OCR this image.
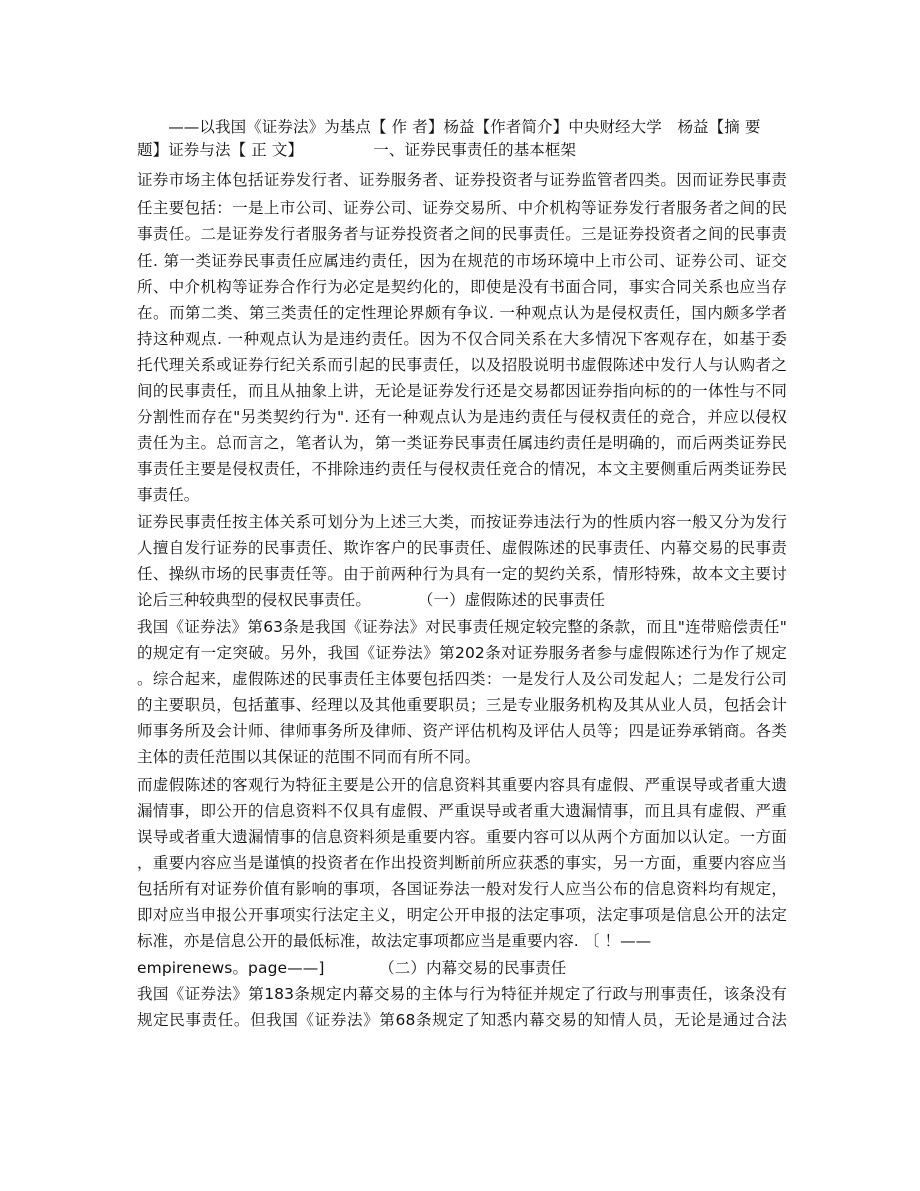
　　——以我国《证券法》为基点【 作 者】杨益【作者简介】中央财经大学　杨益【摘 要
题】证券与法【 正 文】　　　　　一、证券民事责任的基本框架
证券市场主体包括证券发行者、证券服务者、证券投资者与证券监管者四类。因而证券民事责
任主要包括：一是上市公司、证券公司、证券交易所、中介机构等证券发行者服务者之间的民
事责任。二是证券发行者服务者与证券投资者之间的民事责任。三是证券投资者之间的民事责
任. 第一类证券民事责任应属违约责任，因为在规范的市场环境中上市公司、证券公司、证交
所、中介机构等证券合作行为必定是契约化的，即使是没有书面合同，事实合同关系也应当存
在。而第二类、第三类责任的定性理论界颇有争议. 一种观点认为是侵权责任，国内颇多学者
持这种观点. 一种观点认为是违约责任。因为不仅合同关系在大多情况下客观存在，如基于委
托代理关系或证券行纪关系而引起的民事责任，以及招股说明书虚假陈述中发行人与认购者之
间的民事责任，而且从抽象上讲，无论是证券发行还是交易都因证券指向标的的一体性与不同
分割性而存在"另类契约行为". 还有一种观点认为是违约责任与侵权责任的竞合，并应以侵权
责任为主。总而言之，笔者认为，第一类证券民事责任属违约责任是明确的，而后两类证券民
事责任主要是侵权责任，不排除违约责任与侵权责任竞合的情况，本文主要侧重后两类证券民
事责任。
证券民事责任按主体关系可划分为上述三大类，而按证券违法行为的性质内容一般又分为发行
人擅自发行证券的民事责任、欺诈客户的民事责任、虚假陈述的民事责任、内幕交易的民事责
任、操纵市场的民事责任等。由于前两种行为具有一定的契约关系，情形特殊，故本文主要讨
论后三种较典型的侵权民事责任。　　　　（一）虚假陈述的民事责任
我国《证券法》第63条是我国《证券法》对民事责任规定较完整的条款，而且"连带赔偿责任"
的规定有一定突破。另外，我国《证券法》第202条对证券服务者参与虚假陈述行为作了规定
。综合起来，虚假陈述的民事责任主体要包括四类：一是发行人及公司发起人；二是发行公司
的主要职员，包括董事、经理以及其他重要职员；三是专业服务机构及其从业人员，包括会计
师事务所及会计师、律师事务所及律师、资产评估机构及评估人员等；四是证券承销商。各类
主体的责任范围以其保证的范围不同而有所不同。
而虚假陈述的客观行为特征主要是公开的信息资料其重要内容具有虚假、严重误导或者重大遗
漏情事，即公开的信息资料不仅具有虚假、严重误导或者重大遗漏情事，而且具有虚假、严重
误导或者重大遗漏情事的信息资料须是重要内容。重要内容可以从两个方面加以认定。一方面
，重要内容应当是谨慎的投资者在作出投资判断前所应获悉的事实，另一方面，重要内容应当
包括所有对证券价值有影响的事项，各国证券法一般对发行人应当公布的信息资料均有规定，
即对应当申报公开事项实行法定主义，明定公开申报的法定事项，法定事项是信息公开的法定
标准，亦是信息公开的最低标准，故法定事项都应当是重要内容. 〔 ！——
empirenews。page——]　　　　（二）内幕交易的民事责任
我国《证券法》第183条规定内幕交易的主体与行为特征并规定了行政与刑事责任，该条没有
规定民事责任。但我国《证券法》第68条规定了知悉内幕交易的知情人员，无论是通过合法
